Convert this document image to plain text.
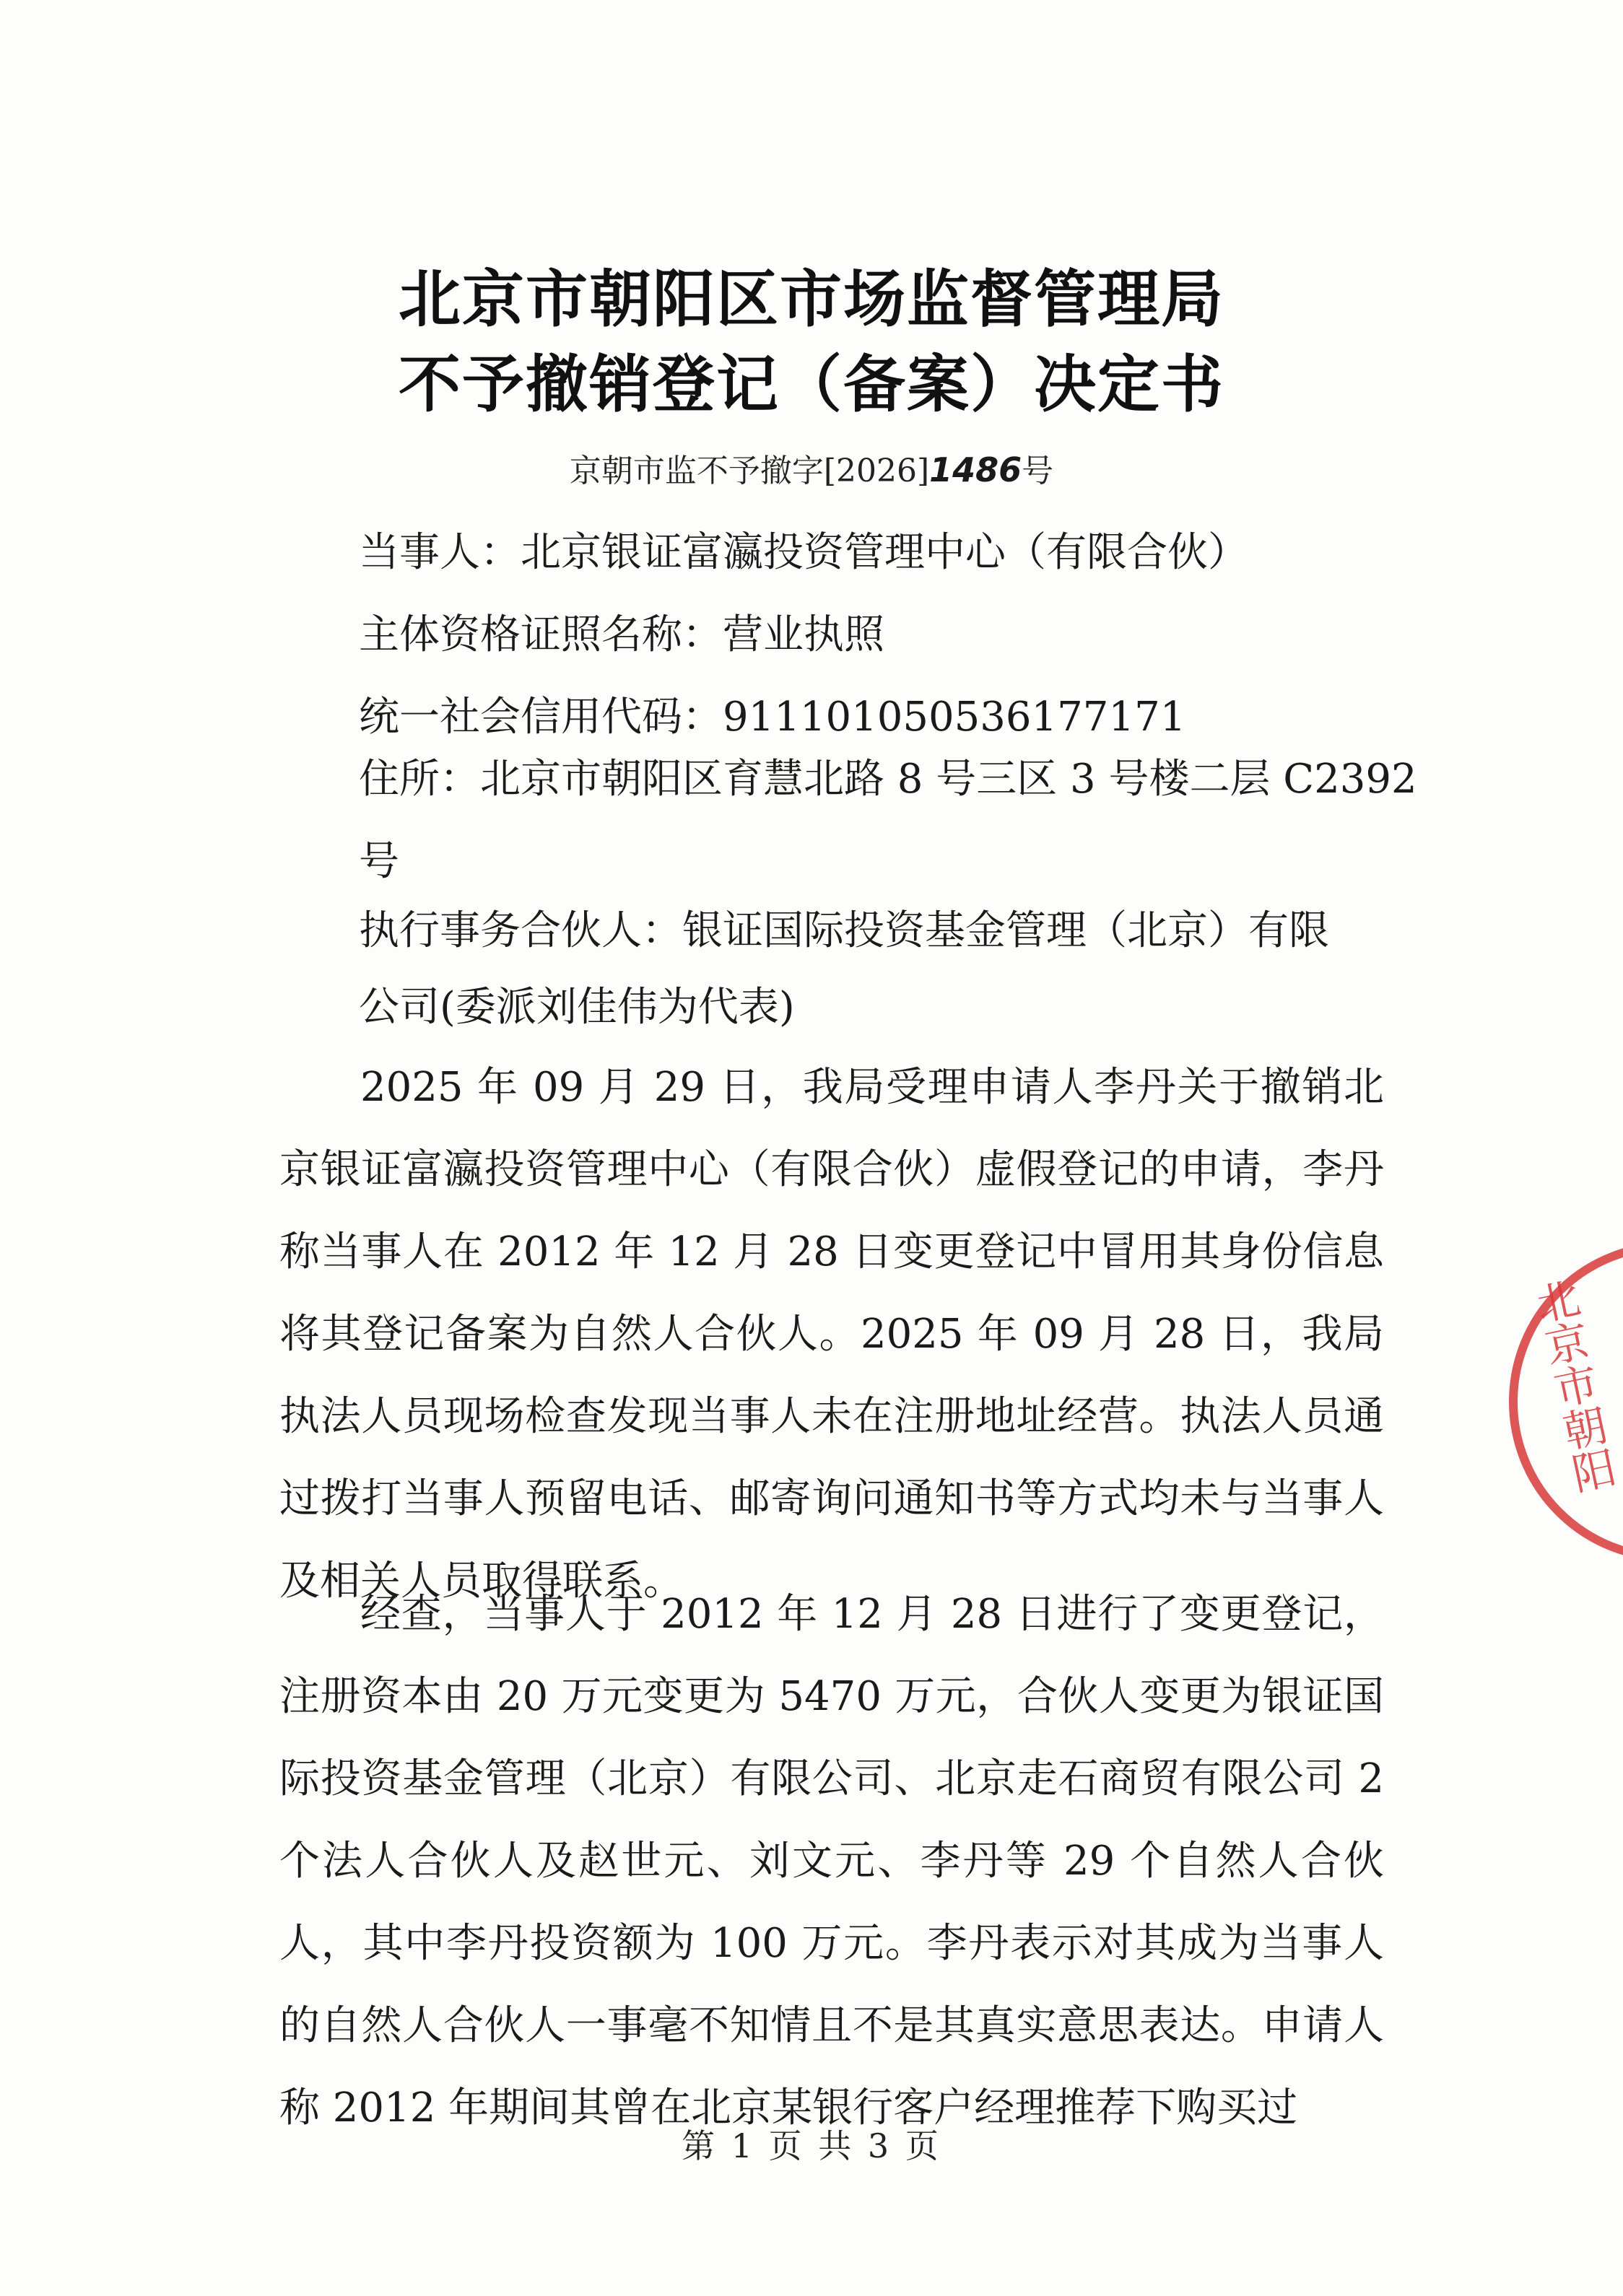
北京市朝阳区市场监督管理局
不予撤销登记（备案）决定书
京朝市监不予撤字[2026]1486号
当事人：北京银证富瀛投资管理中心（有限合伙）
主体资格证照名称：营业执照
统一社会信用代码：91110105053617717​1
住所：北京市朝阳区育慧北路 8 号三区 3 号楼二层 C2392
号
执行事务合伙人：银证国际投资基金管理（北京）有限
公司(委派刘佳伟为代表)

2025 年 09 月 29 日，我局受理申请人李丹关于撤销北京银证富瀛投资管理中心（有限合伙）虚假登记的申请，李丹称当事人在 2012 年 12 月 28 日变更登记中冒用其身份信息将其登记备案为自然人合伙人。2025 年 09 月 28 日，我局执法人员现场检查发现当事人未在注册地址经营。执法人员通过拨打当事人预留电话、邮寄询问通知书等方式均未与当事人及相关人员取得联系。

经查，当事人于 2012 年 12 月 28 日进行了变更登记，注册资本由 20 万元变更为 5470 万元，合伙人变更为银证国际投资基金管理（北京）有限公司、北京走石商贸有限公司 2 个法人合伙人及赵世元、刘文元、李丹等 29 个自然人合伙人，其中李丹投资额为 100 万元。李丹表示对其成为当事人的自然人合伙人一事毫不知情且不是其真实意思表达。申请人称 2012 年期间其曾在北京某银行客户经理推荐下购买过

北京市朝阳
第 1 页 共 3 页
